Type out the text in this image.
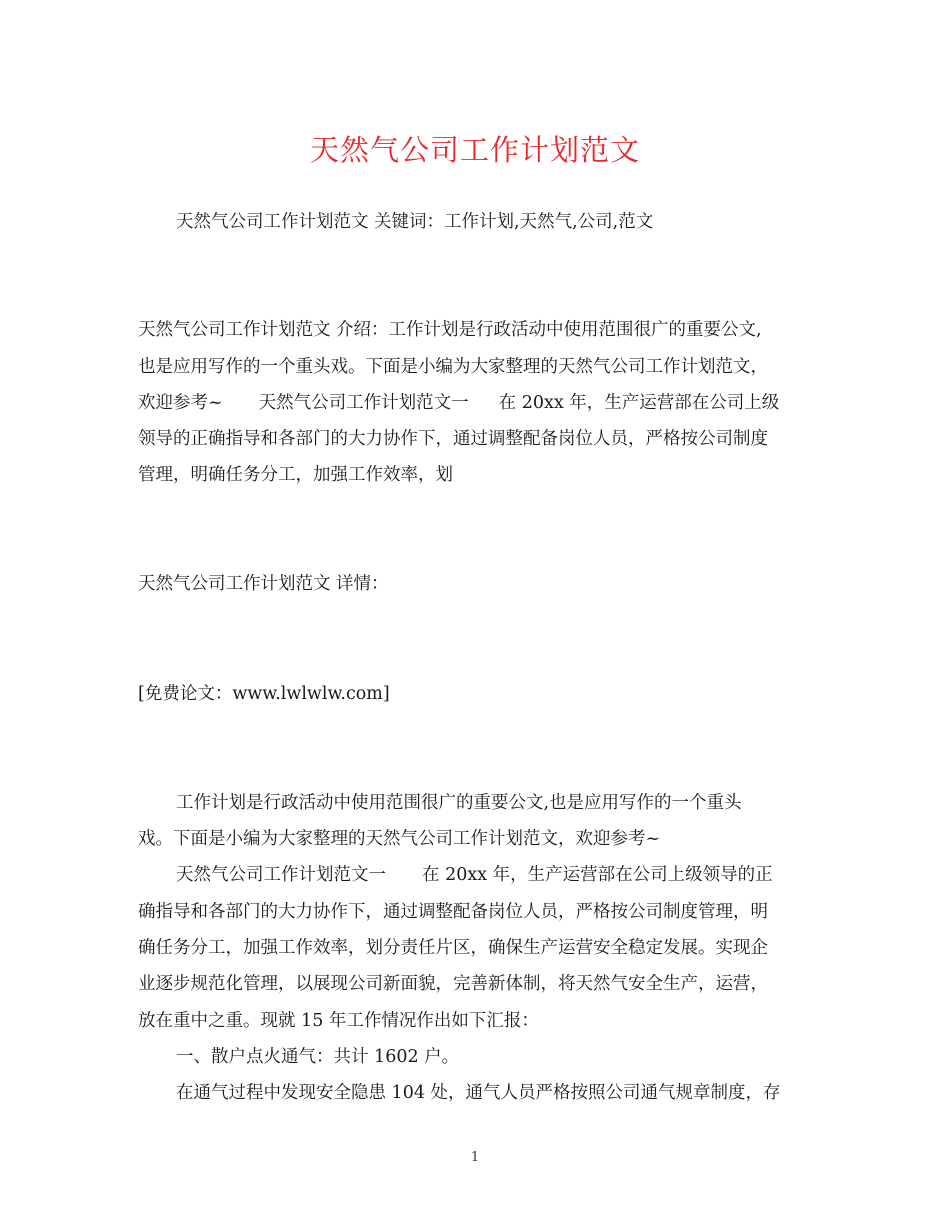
天然气公司工作计划范文
天然气公司工作计划范文 关键词：工作计划,天然气,公司,范文
天然气公司工作计划范文 介绍：工作计划是行政活动中使用范围很广的重要公文,
也是应用写作的一个重头戏。下面是小编为大家整理的天然气公司工作计划范文，
欢迎参考~ 天然气公司工作计划范文一 在 20xx 年，生产运营部在公司上级
领导的正确指导和各部门的大力协作下，通过调整配备岗位人员，严格按公司制度
管理，明确任务分工，加强工作效率，划
天然气公司工作计划范文 详情：
[免费论文：www.lwlwlw.com]
工作计划是行政活动中使用范围很广的重要公文,也是应用写作的一个重头
戏。下面是小编为大家整理的天然气公司工作计划范文，欢迎参考~
天然气公司工作计划范文一 在 20xx 年，生产运营部在公司上级领导的正
确指导和各部门的大力协作下，通过调整配备岗位人员，严格按公司制度管理，明
确任务分工，加强工作效率，划分责任片区，确保生产运营安全稳定发展。实现企
业逐步规范化管理，以展现公司新面貌，完善新体制，将天然气安全生产，运营，
放在重中之重。现就 15 年工作情况作出如下汇报：
一、散户点火通气：共计 1602 户。
在通气过程中发现安全隐患 104 处，通气人员严格按照公司通气规章制度，存
1
